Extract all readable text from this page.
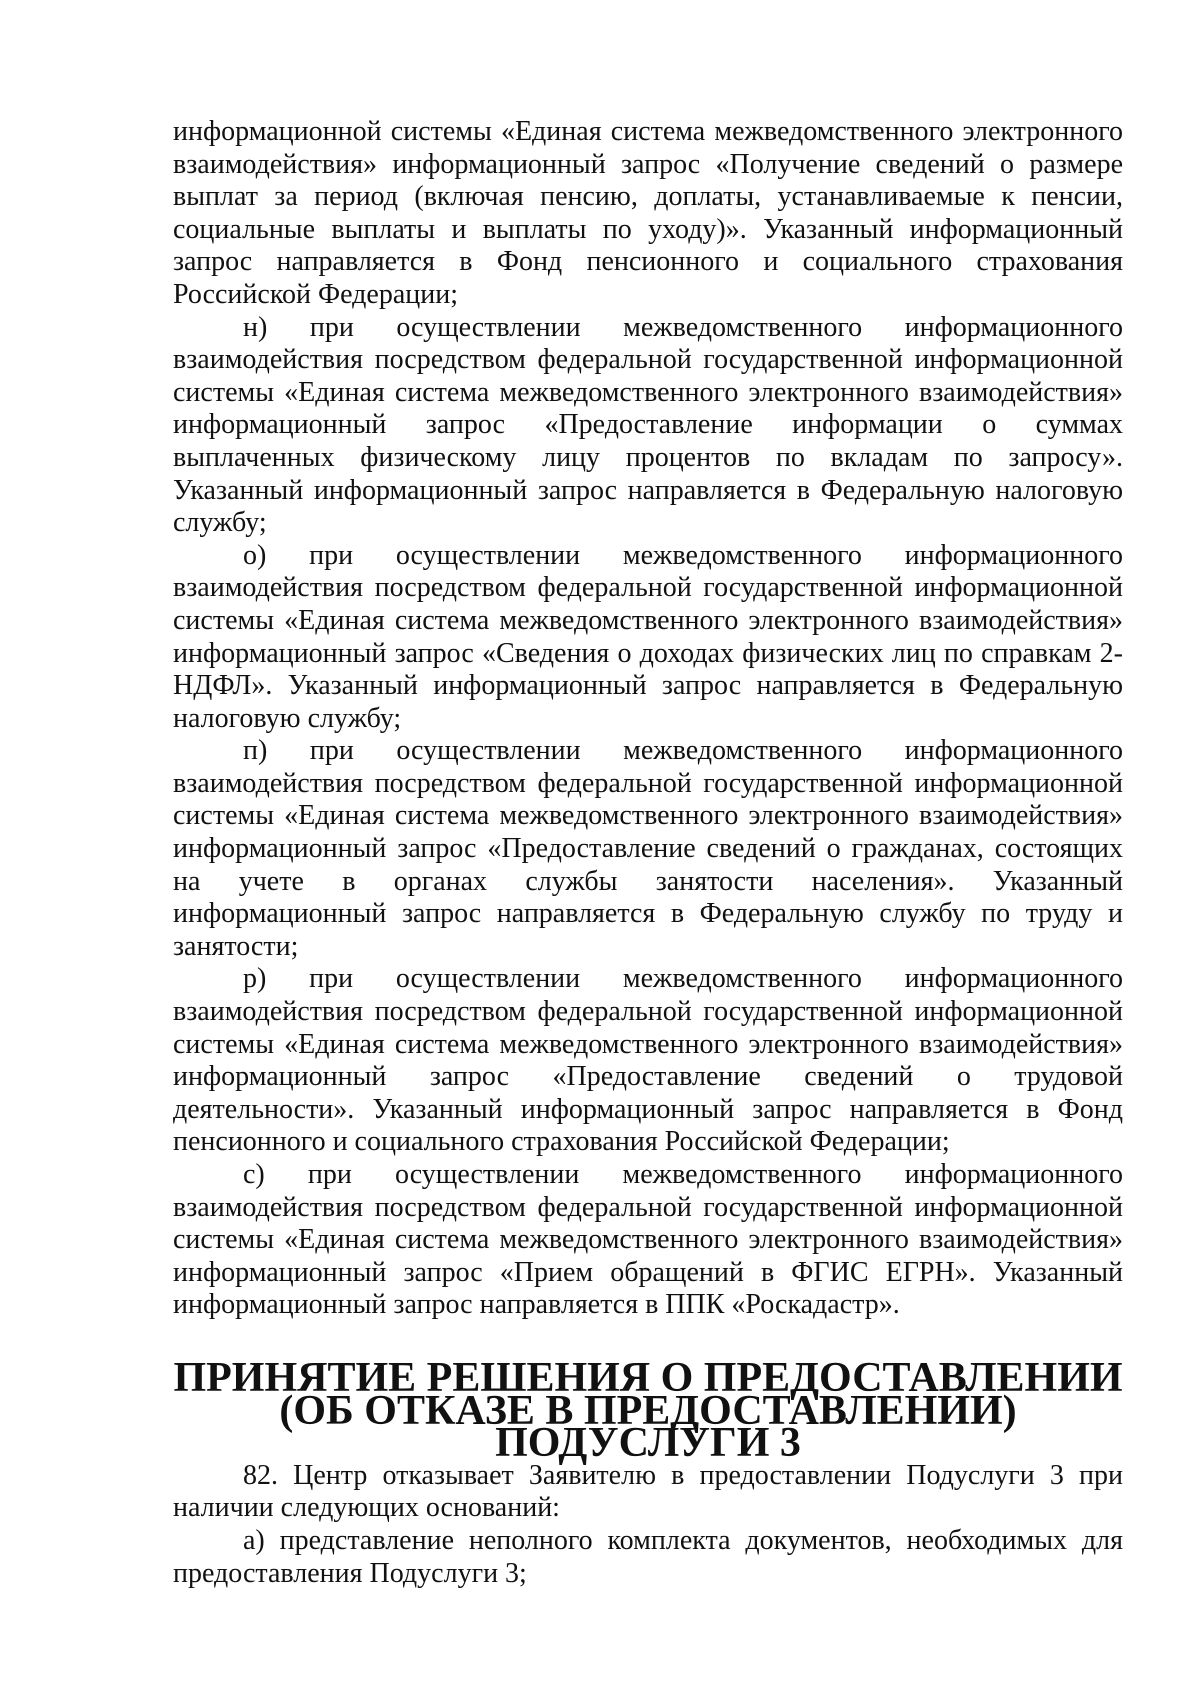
информационной системы «Единая система межведомственного электронного взаимодействия» информационный запрос «Получение сведений о размере выплат за период (включая пенсию, доплаты, устанавливаемые к пенсии, социальные выплаты и выплаты по уходу)». Указанный информационный запрос направляется в Фонд пенсионного и социального страхования Российской Федерации;

н) при осуществлении межведомственного информационного взаимодействия посредством федеральной государственной информационной системы «Единая система межведомственного электронного взаимодействия» информационный запрос «Предоставление информации о суммах выплаченных физическому лицу процентов по вкладам по запросу». Указанный информационный запрос направляется в Федеральную налоговую службу;

о) при осуществлении межведомственного информационного взаимодействия посредством федеральной государственной информационной системы «Единая система межведомственного электронного взаимодействия» информационный запрос «Сведения о доходах физических лиц по справкам 2-НДФЛ». Указанный информационный запрос направляется в Федеральную налоговую службу;

п) при осуществлении межведомственного информационного взаимодействия посредством федеральной государственной информационной системы «Единая система межведомственного электронного взаимодействия» информационный запрос «Предоставление сведений о гражданах, состоящих на учете в органах службы занятости населения». Указанный информационный запрос направляется в Федеральную службу по труду и занятости;

р) при осуществлении межведомственного информационного взаимодействия посредством федеральной государственной информационной системы «Единая система межведомственного электронного взаимодействия» информационный запрос «Предоставление сведений о трудовой деятельности». Указанный информационный запрос направляется в Фонд пенсионного и социального страхования Российской Федерации;

с) при осуществлении межведомственного информационного взаимодействия посредством федеральной государственной информационной системы «Единая система межведомственного электронного взаимодействия» информационный запрос «Прием обращений в ФГИС ЕГРН». Указанный информационный запрос направляется в ППК «Роскадастр».

ПРИНЯТИЕ РЕШЕНИЯ О ПРЕДОСТАВЛЕНИИ
(ОБ ОТКАЗЕ В ПРЕДОСТАВЛЕНИИ) ПОДУСЛУГИ 3

82. Центр отказывает Заявителю в предоставлении Подуслуги 3 при наличии следующих оснований:

а) представление неполного комплекта документов, необходимых для предоставления Подуслуги 3;
